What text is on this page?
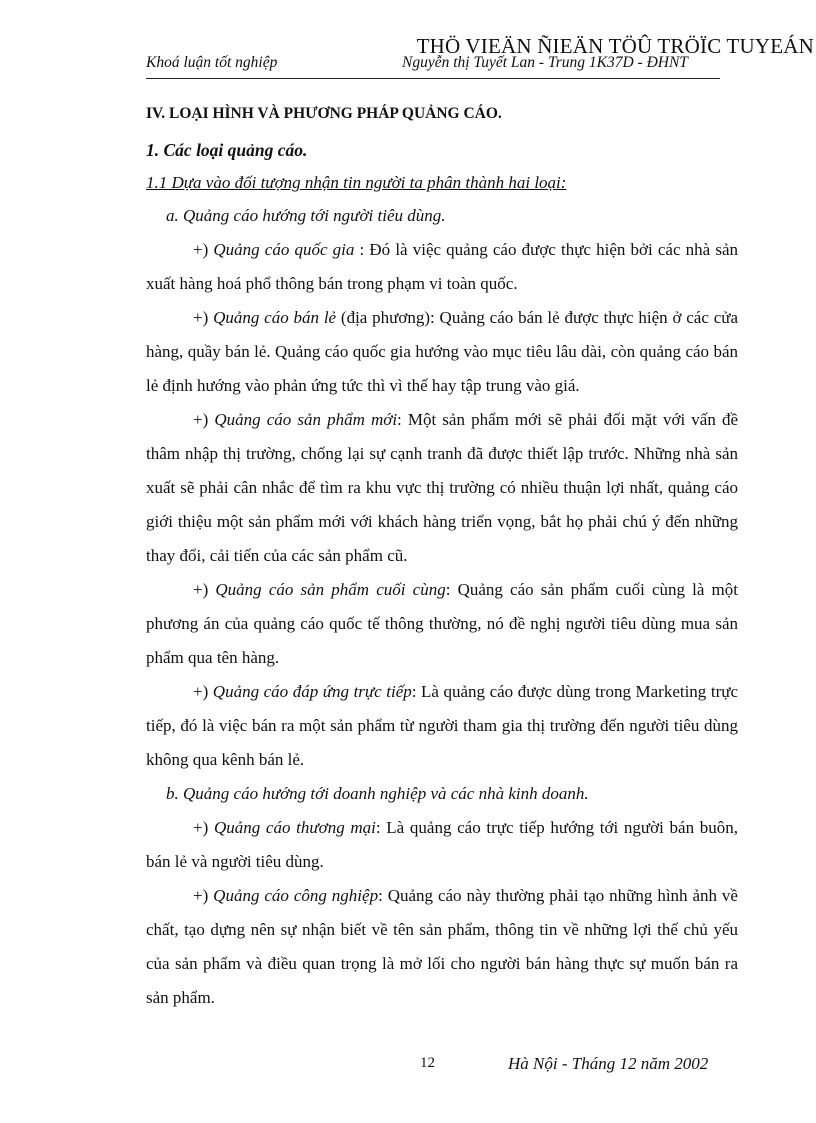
THÖ VIEÄN ÑIEÄN TÖÛ TRÖÏC TUYEÁN
Khoá luận tốt nghiệp	Nguyễn thị Tuyết Lan - Trung 1K37D - ĐHNT

IV. LOẠI HÌNH VÀ PHƯƠNG PHÁP QUẢNG CÁO.

1. Các loại quảng cáo.

1.1 Dựa vào đối tượng nhận tin người ta phân thành hai loại:

a. Quảng cáo hướng tới người tiêu dùng.

+) Quảng cáo quốc gia : Đó là việc quảng cáo được thực hiện bởi các nhà sản xuất hàng hoá phổ thông bán trong phạm vi toàn quốc.

+) Quảng cáo bán lẻ (địa phương): Quảng cáo bán lẻ được thực hiện ở các cửa hàng, quầy bán lẻ. Quảng cáo quốc gia hướng vào mục tiêu lâu dài, còn quảng cáo bán lẻ định hướng vào phản ứng tức thì vì thế hay tập trung vào giá.

+) Quảng cáo sản phẩm mới: Một sản phẩm mới sẽ phải đối mặt với vấn đề thâm nhập thị trường, chống lại sự cạnh tranh đã được thiết lập trước. Những nhà sản xuất sẽ phải cân nhắc để tìm ra khu vực thị trường có nhiều thuận lợi nhất, quảng cáo giới thiệu một sản phẩm mới với khách hàng triển vọng, bắt họ phải chú ý đến những thay đổi, cải tiến của các sản phẩm cũ.

+) Quảng cáo sản phẩm cuối cùng: Quảng cáo sản phẩm cuối cùng là một phương án của quảng cáo quốc tế thông thường, nó đề nghị người tiêu dùng mua sản phẩm qua tên hàng.

+) Quảng cáo đáp ứng trực tiếp: Là quảng cáo được dùng trong Marketing trực tiếp, đó là việc bán ra một sản phẩm từ người tham gia thị trường đến người tiêu dùng không qua kênh bán lẻ.

b. Quảng cáo hướng tới doanh nghiệp và các nhà kinh doanh.

+) Quảng cáo thương mại: Là quảng cáo trực tiếp hướng tới người bán buôn, bán lẻ và người tiêu dùng.

+) Quảng cáo công nghiệp: Quảng cáo này thường phải tạo những hình ảnh về chất, tạo dựng nên sự nhận biết về tên sản phẩm, thông tin về những lợi thế chủ yếu của sản phẩm và điều quan trọng là mở lối cho người bán hàng thực sự muốn bán ra sản phẩm.

12	Hà Nội - Tháng 12 năm 2002
